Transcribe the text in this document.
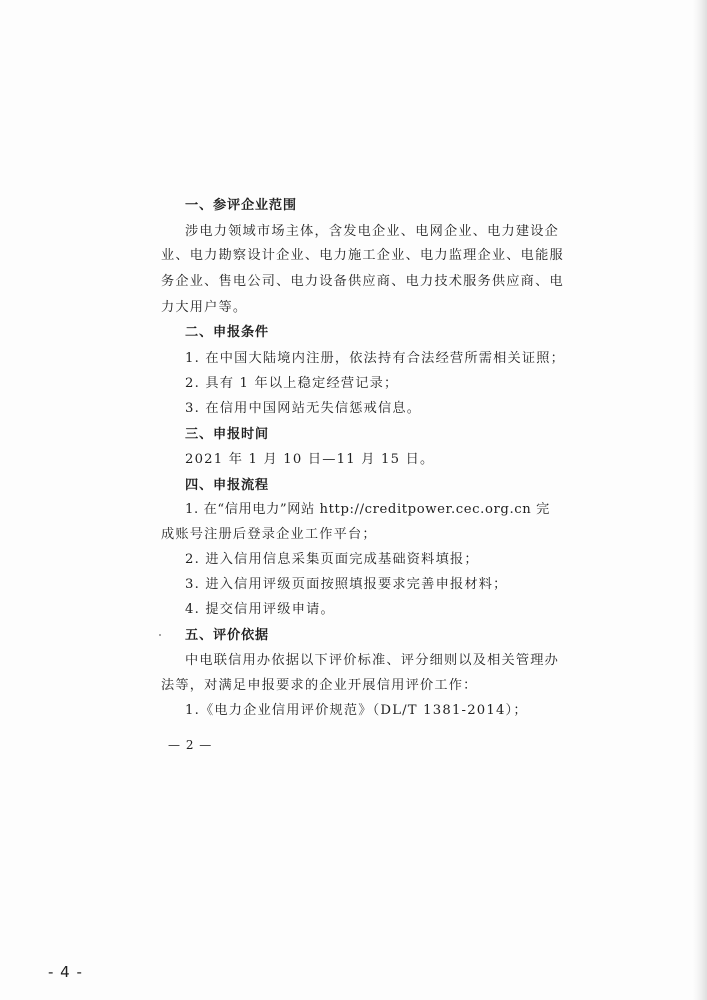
一、参评企业范围
涉电力领域市场主体，含发电企业、电网企业、电力建设企
业、电力勘察设计企业、电力施工企业、电力监理企业、电能服
务企业、售电公司、电力设备供应商、电力技术服务供应商、电
力大用户等。
二、申报条件
1. 在中国大陆境内注册，依法持有合法经营所需相关证照；
2. 具有 1 年以上稳定经营记录；
3. 在信用中国网站无失信惩戒信息。
三、申报时间
2021 年 1 月 10 日—11 月 15 日。
四、申报流程
1. 在“信用电力”网站 http://creditpower.cec.org.cn 完
成账号注册后登录企业工作平台；
2. 进入信用信息采集页面完成基础资料填报；
3. 进入信用评级页面按照填报要求完善申报材料；
4. 提交信用评级申请。
五、评价依据
中电联信用办依据以下评价标准、评分细则以及相关管理办
法等，对满足申报要求的企业开展信用评价工作：
1.《电力企业信用评价规范》（DL/T 1381-2014）；
— 2 —
- 4 -
